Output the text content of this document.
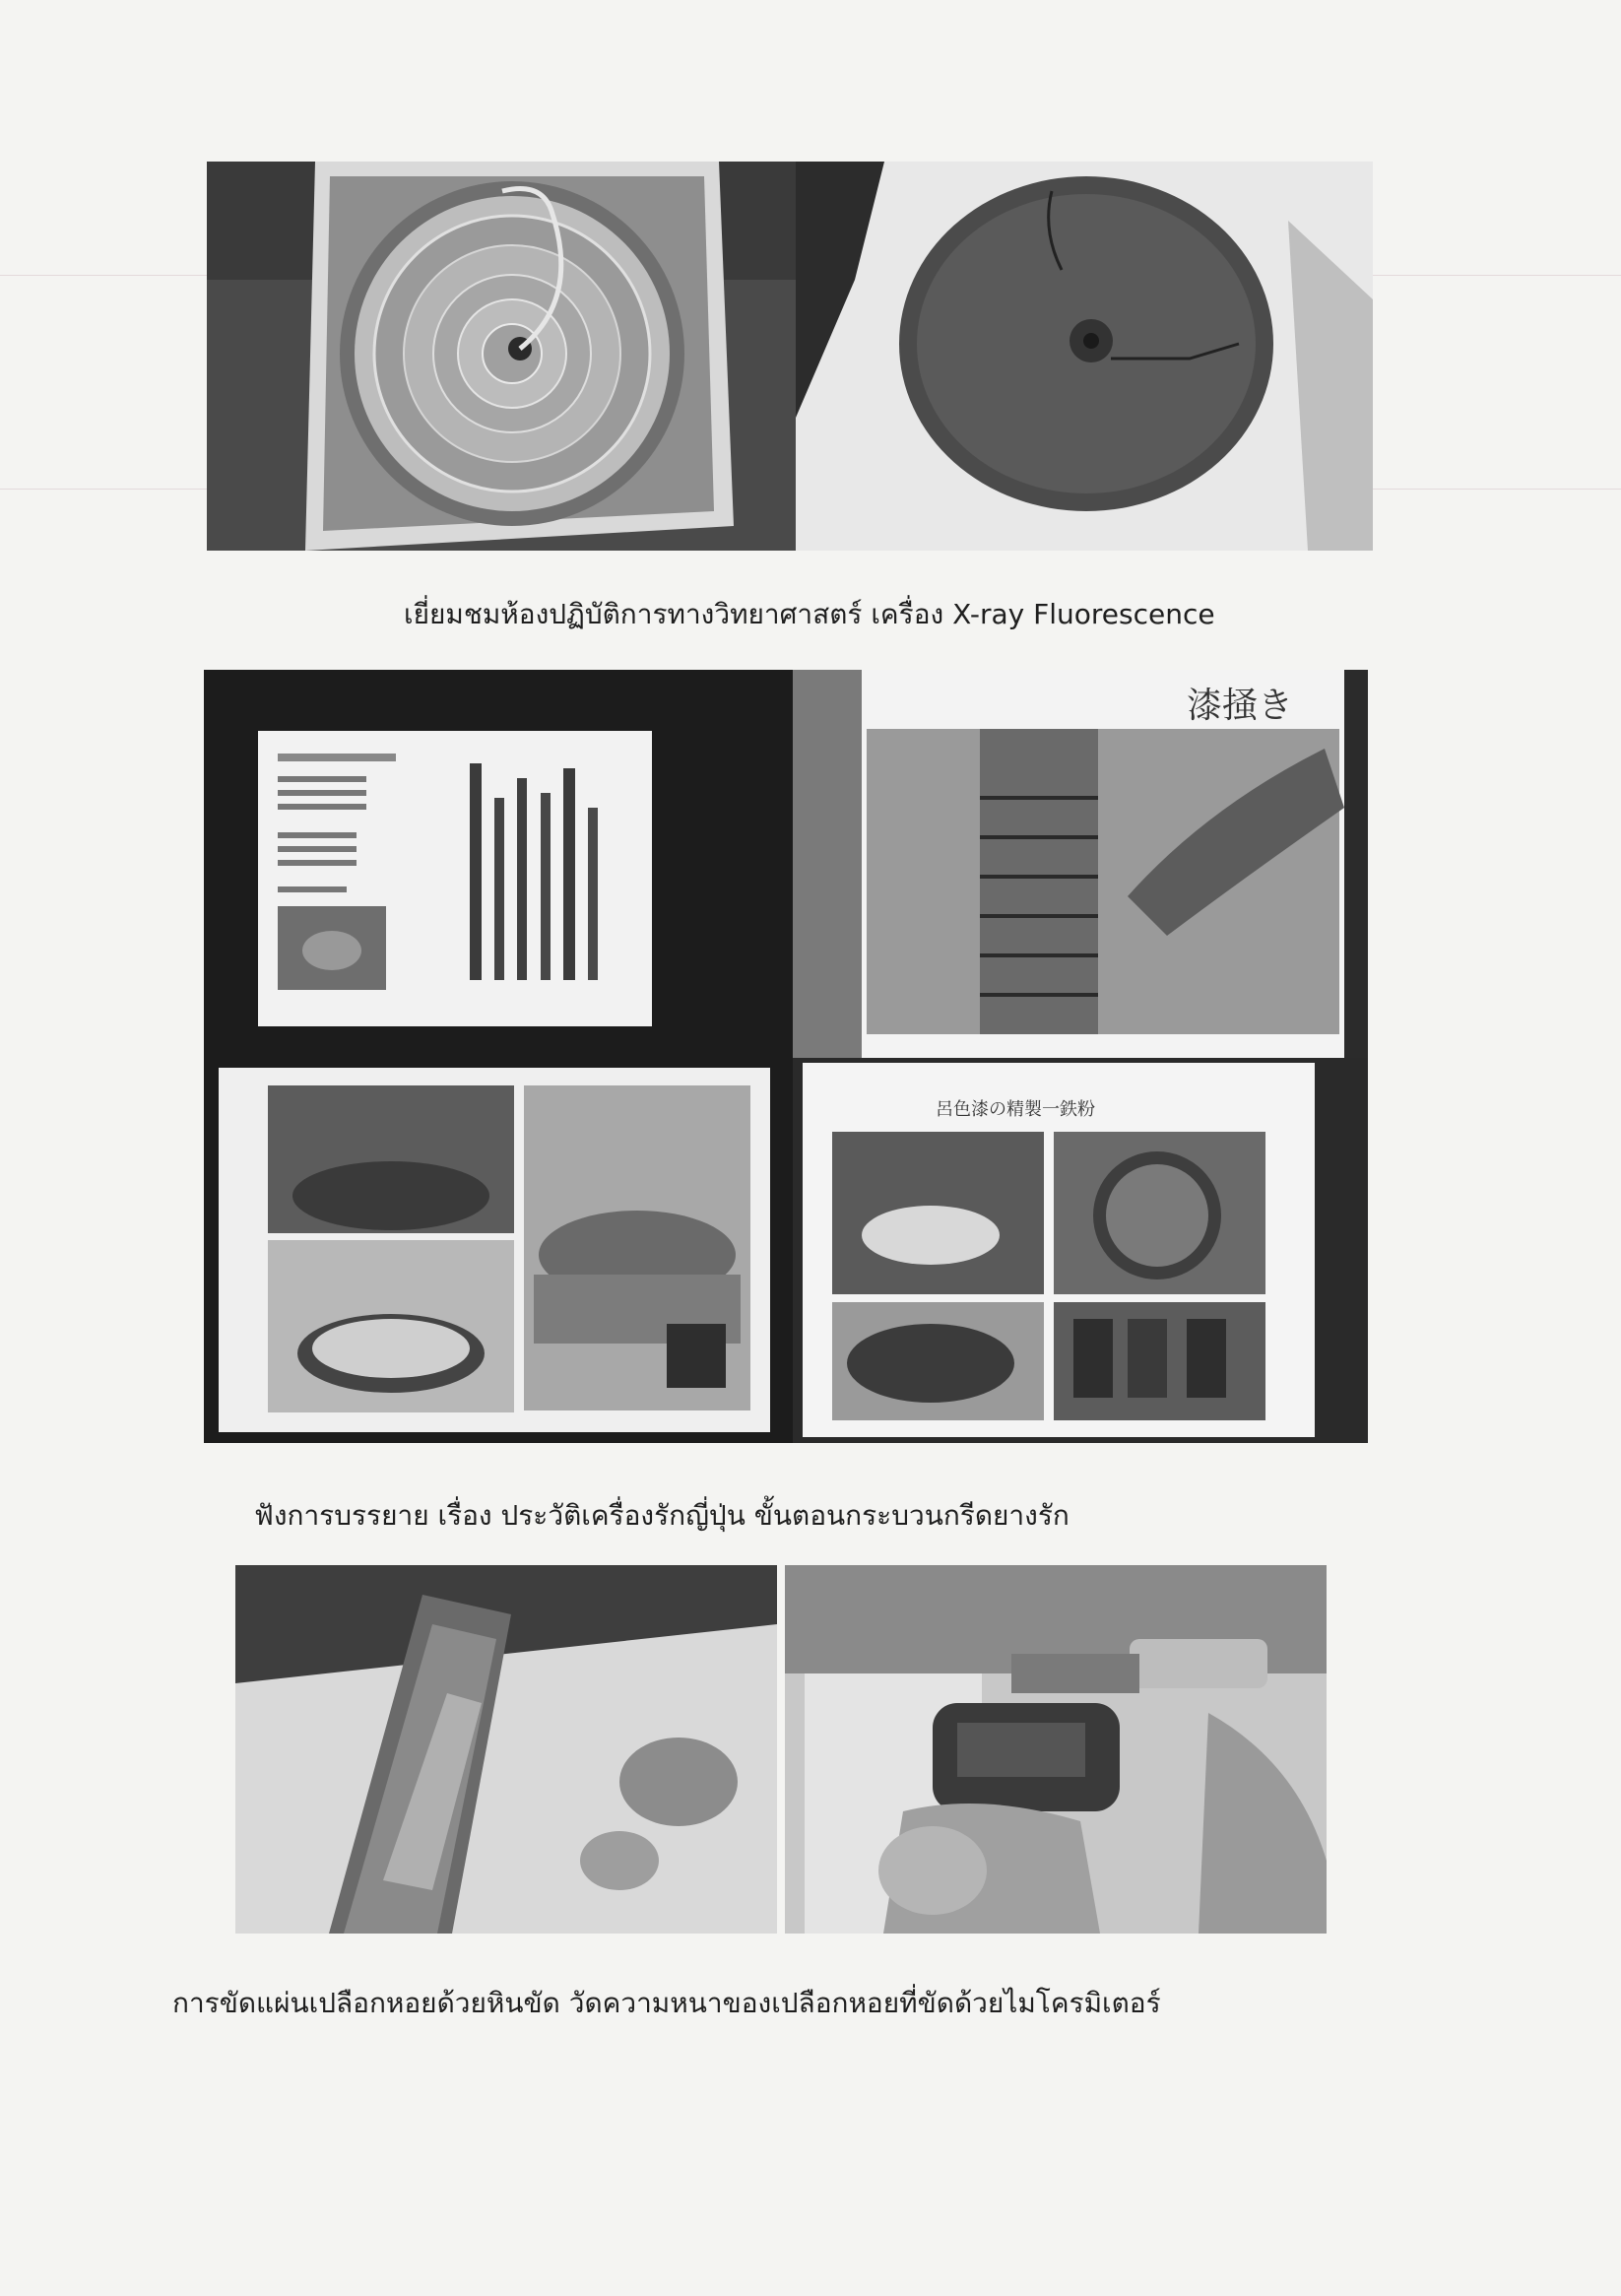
เยี่ยมชมห้องปฏิบัติการทางวิทยาศาสตร์ เครื่อง X-ray Fluorescence
漆掻き
呂色漆の精製一鉄粉
ฟังการบรรยาย เรื่อง ประวัติเครื่องรักญี่ปุ่น ขั้นตอนกระบวนกรีดยางรัก
การขัดแผ่นเปลือกหอยด้วยหินขัด วัดความหนาของเปลือกหอยที่ขัดด้วยไมโครมิเตอร์
